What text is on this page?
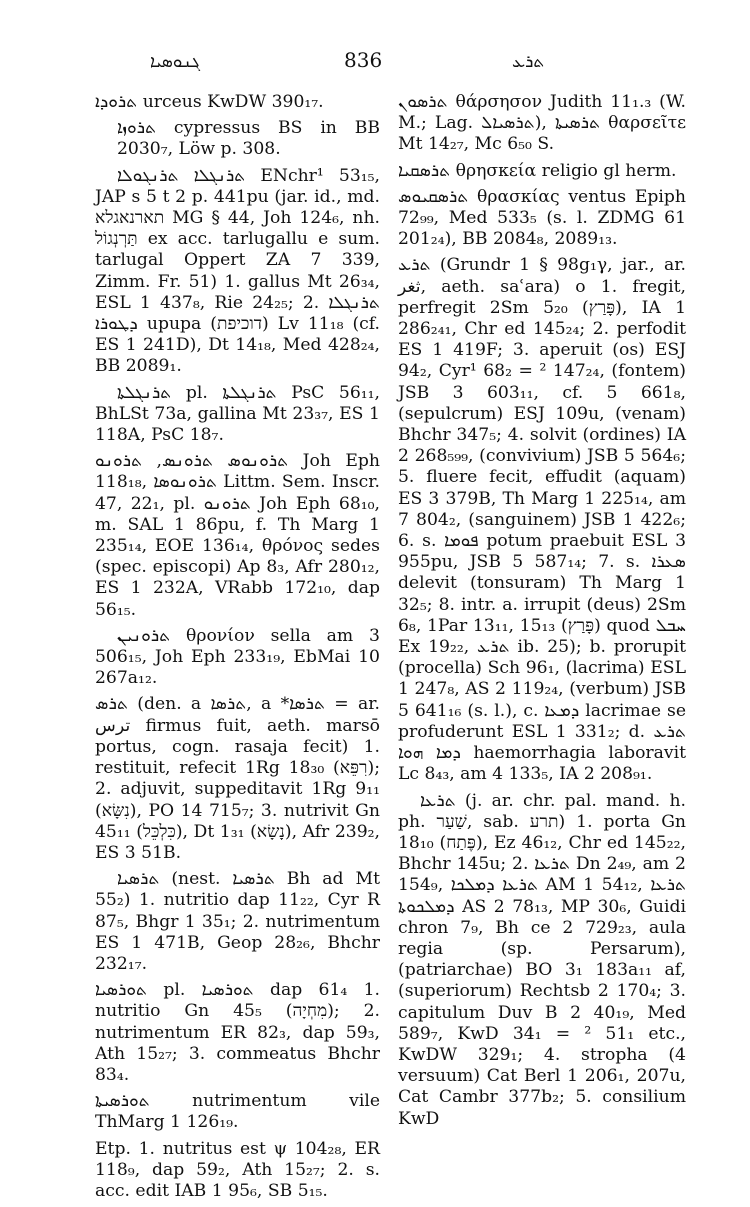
ܓܢܘܣܝܐ	836	ܬܪܥ

ܬܪܘܕܐ urceus KwDW 390₁₇.

ܬܪܘܙܐ cypressus BS in BB 2030₇, Löw p. 308.

ܬܪܢܓܠܐ ܬܪܢܓܘܠܐ ENchr¹ 53₁₅, JAP s 5 t 2 p. 441pu (jar. id., md. תארנאגלא MG § 44, Joh 124₆, nh. תַּרְנְגוֹל ex acc. tarlugallu e sum. tarlugal Oppert ZA 7 339, Zimm. Fr. 51) 1. gallus Mt 26₃₄, ESL 1 437₈, Rie 24₂₅; 2. ܬܪܢܓܠܐ ܕܛܘܪܐ upupa (דוכיפת) Lv 11₁₈ (cf. ES 1 241D), Dt 14₁₈, Med 428₂₄, BB 2089₁.

ܬܪܢܓܠܬܐ pl. ܬܪܢܓܠܬܐ PsC 56₁₁, BhLSt 73a, gallina Mt 23₃₇, ES 1 118A, PsC 18₇.

ܬܪܘܢܘܣ ܬܪܘܢܣ, ܬܪܘܢܘ Joh Eph 118₁₈, ܬܪܘܢܘܣܐ Littm. Sem. Inscr. 47, 22₁, pl. ܬܪܘܢܘ Joh Eph 68₁₀, m. SAL 1 86pu, f. Th Marg 1 235₁₄, EOE 136₁₄, θρόνος sedes (spec. episcopi) Ap 8₃, Afr 280₁₂, ES 1 232A, VRabb 172₁₀, dap 56₁₅.

ܬܪܘܢܝܢ θρονίον sella am 3 506₁₅, Joh Eph 233₁₉, EbMai 10 267a₁₂.

ܬܪܣ (den. a ܬܪܣܐ, a *ܬܪܣܐ = ar. ترس firmus fuit, aeth. marsō portus, cogn. rasaja fecit) 1. restituit, refecit 1Rg 18₃₀ (רִפֵּא); 2. adjuvit, suppeditavit 1Rg 9₁₁ (נִשָּׂא), PO 14 715₇; 3. nutrivit Gn 45₁₁ (כִּלְכֵּל), Dt 1₃₁ (נָשָׂא), Afr 239₂, ES 3 51B.

ܬܪܣܝܐ (nest. ܬܪܣܝܐ Bh ad Mt 55₂) 1. nutritio dap 11₂₂, Cyr R 87₅, Bhgr 1 35₁; 2. nutrimentum ES 1 471B, Geop 28₂₆, Bhchr 232₁₇.

ܬܘܪܣܝܐ pl. ܬܘܪܣܝܐ dap 61₄ 1. nutritio Gn 45₅ (מִחְיָה); 2. nutrimentum ER 82₃, dap 59₃, Ath 15₂₇; 3. commeatus Bhchr 83₄.

ܬܘܪܣܝܬܐ nutrimentum vile ThMarg 1 126₁₉.

Etp. 1. nutritus est ψ 104₂₈, ER 118₉, dap 59₂, Ath 15₂₇; 2. s. acc. edit IAB 1 95₆, SB 5₁₅.

ܬܪܣܘܢ θάρσησον Judith 11₁.₃ (W. M.; Lag. ܬܪܣܝܐܠ), ܬܪܣܝܬܐ θαρσεῖτε Mt 14₂₇, Mc 6₅₀ S.

ܬܪܣܩܝܐ θρησκεία religio gl herm.

ܬܪܣܩܝܘܣ θρασκίας ventus Epiph 72₉₉, Med 533₅ (s. l. ZDMG 61 201₂₄), BB 2084₈, 2089₁₃.

ܬܪܥ (Grundr 1 § 98g₁γ, jar., ar. ثغر, aeth. saʿara) o 1. fregit, perfregit 2Sm 5₂₀ (פָּרַץ), IA 1 286₂₄₁, Chr ed 145₂₄; 2. perfodit ES 1 419F; 3. aperuit (os) ESJ 94₂, Cyr¹ 68₂ = ² 147₂₄, (fontem) JSB 3 603₁₁, cf. 5 661₈, (sepulcrum) ESJ 109u, (venam) Bhchr 347₅; 4. solvit (ordines) IA 2 268₅₉₉, (convivium) JSB 5 564₆; 5. fluere fecit, effudit (aquam) ES 3 379B, Th Marg 1 225₁₄, am 7 804₂, (sanguinem) JSB 1 422₆; 6. s. ܦܘܡܐ potum praebuit ESL 3 955pu, JSB 5 587₁₄; 7. s. ܣܥܪܐ delevit (tonsuram) Th Marg 1 32₅; 8. intr. a. irrupit (deus) 2Sm 6₈, 1Par 13₁₁, 15₁₃ (פָּרַץ) quod ܚܒܠ Ex 19₂₂, ܬܪܥ ib. 25); b. prorupit (procella) Sch 96₁, (lacrima) ESL 1 247₈, AS 2 119₂₄, (verbum) JSB 5 641₁₆ (s. l.), c. ܕܡܥܐ lacrimae se profuderunt ESL 1 331₂; d. ܬܪܥ ܕܡܐ ܗܘܐ haemorrhagia laboravit Lc 8₄₃, am 4 133₅, IA 2 208₉₁.

ܬܪܥܐ (j. ar. chr. pal. mand. h. ph. שַׁעַר, sab. תרע) 1. porta Gn 18₁₀ (פֶּתַח), Ez 46₁₂, Chr ed 145₂₂, Bhchr 145u; 2. ܬܪܥܐ Dn 2₄₉, am 2 154₉, ܬܪܥܐ ܕܡܠܟܐ AM 1 54₁₂, ܬܪܥܐ ܕܡܠܟܘܬܐ AS 2 78₁₃, MP 30₆, Guidi chron 7₉, Bh ce 2 729₂₃, aula regia (sp. Persarum), (patriarchae) BO 3₁ 183a₁₁ af, (superiorum) Rechtsb 2 170₄; 3. capitulum Duv B 2 40₁₉, Med 589₇, KwD 34₁ = ² 51₁ etc., KwDW 329₁; 4. stropha (4 versuum) Cat Berl 1 206₁, 207u, Cat Cambr 377b₂; 5. consilium KwD
